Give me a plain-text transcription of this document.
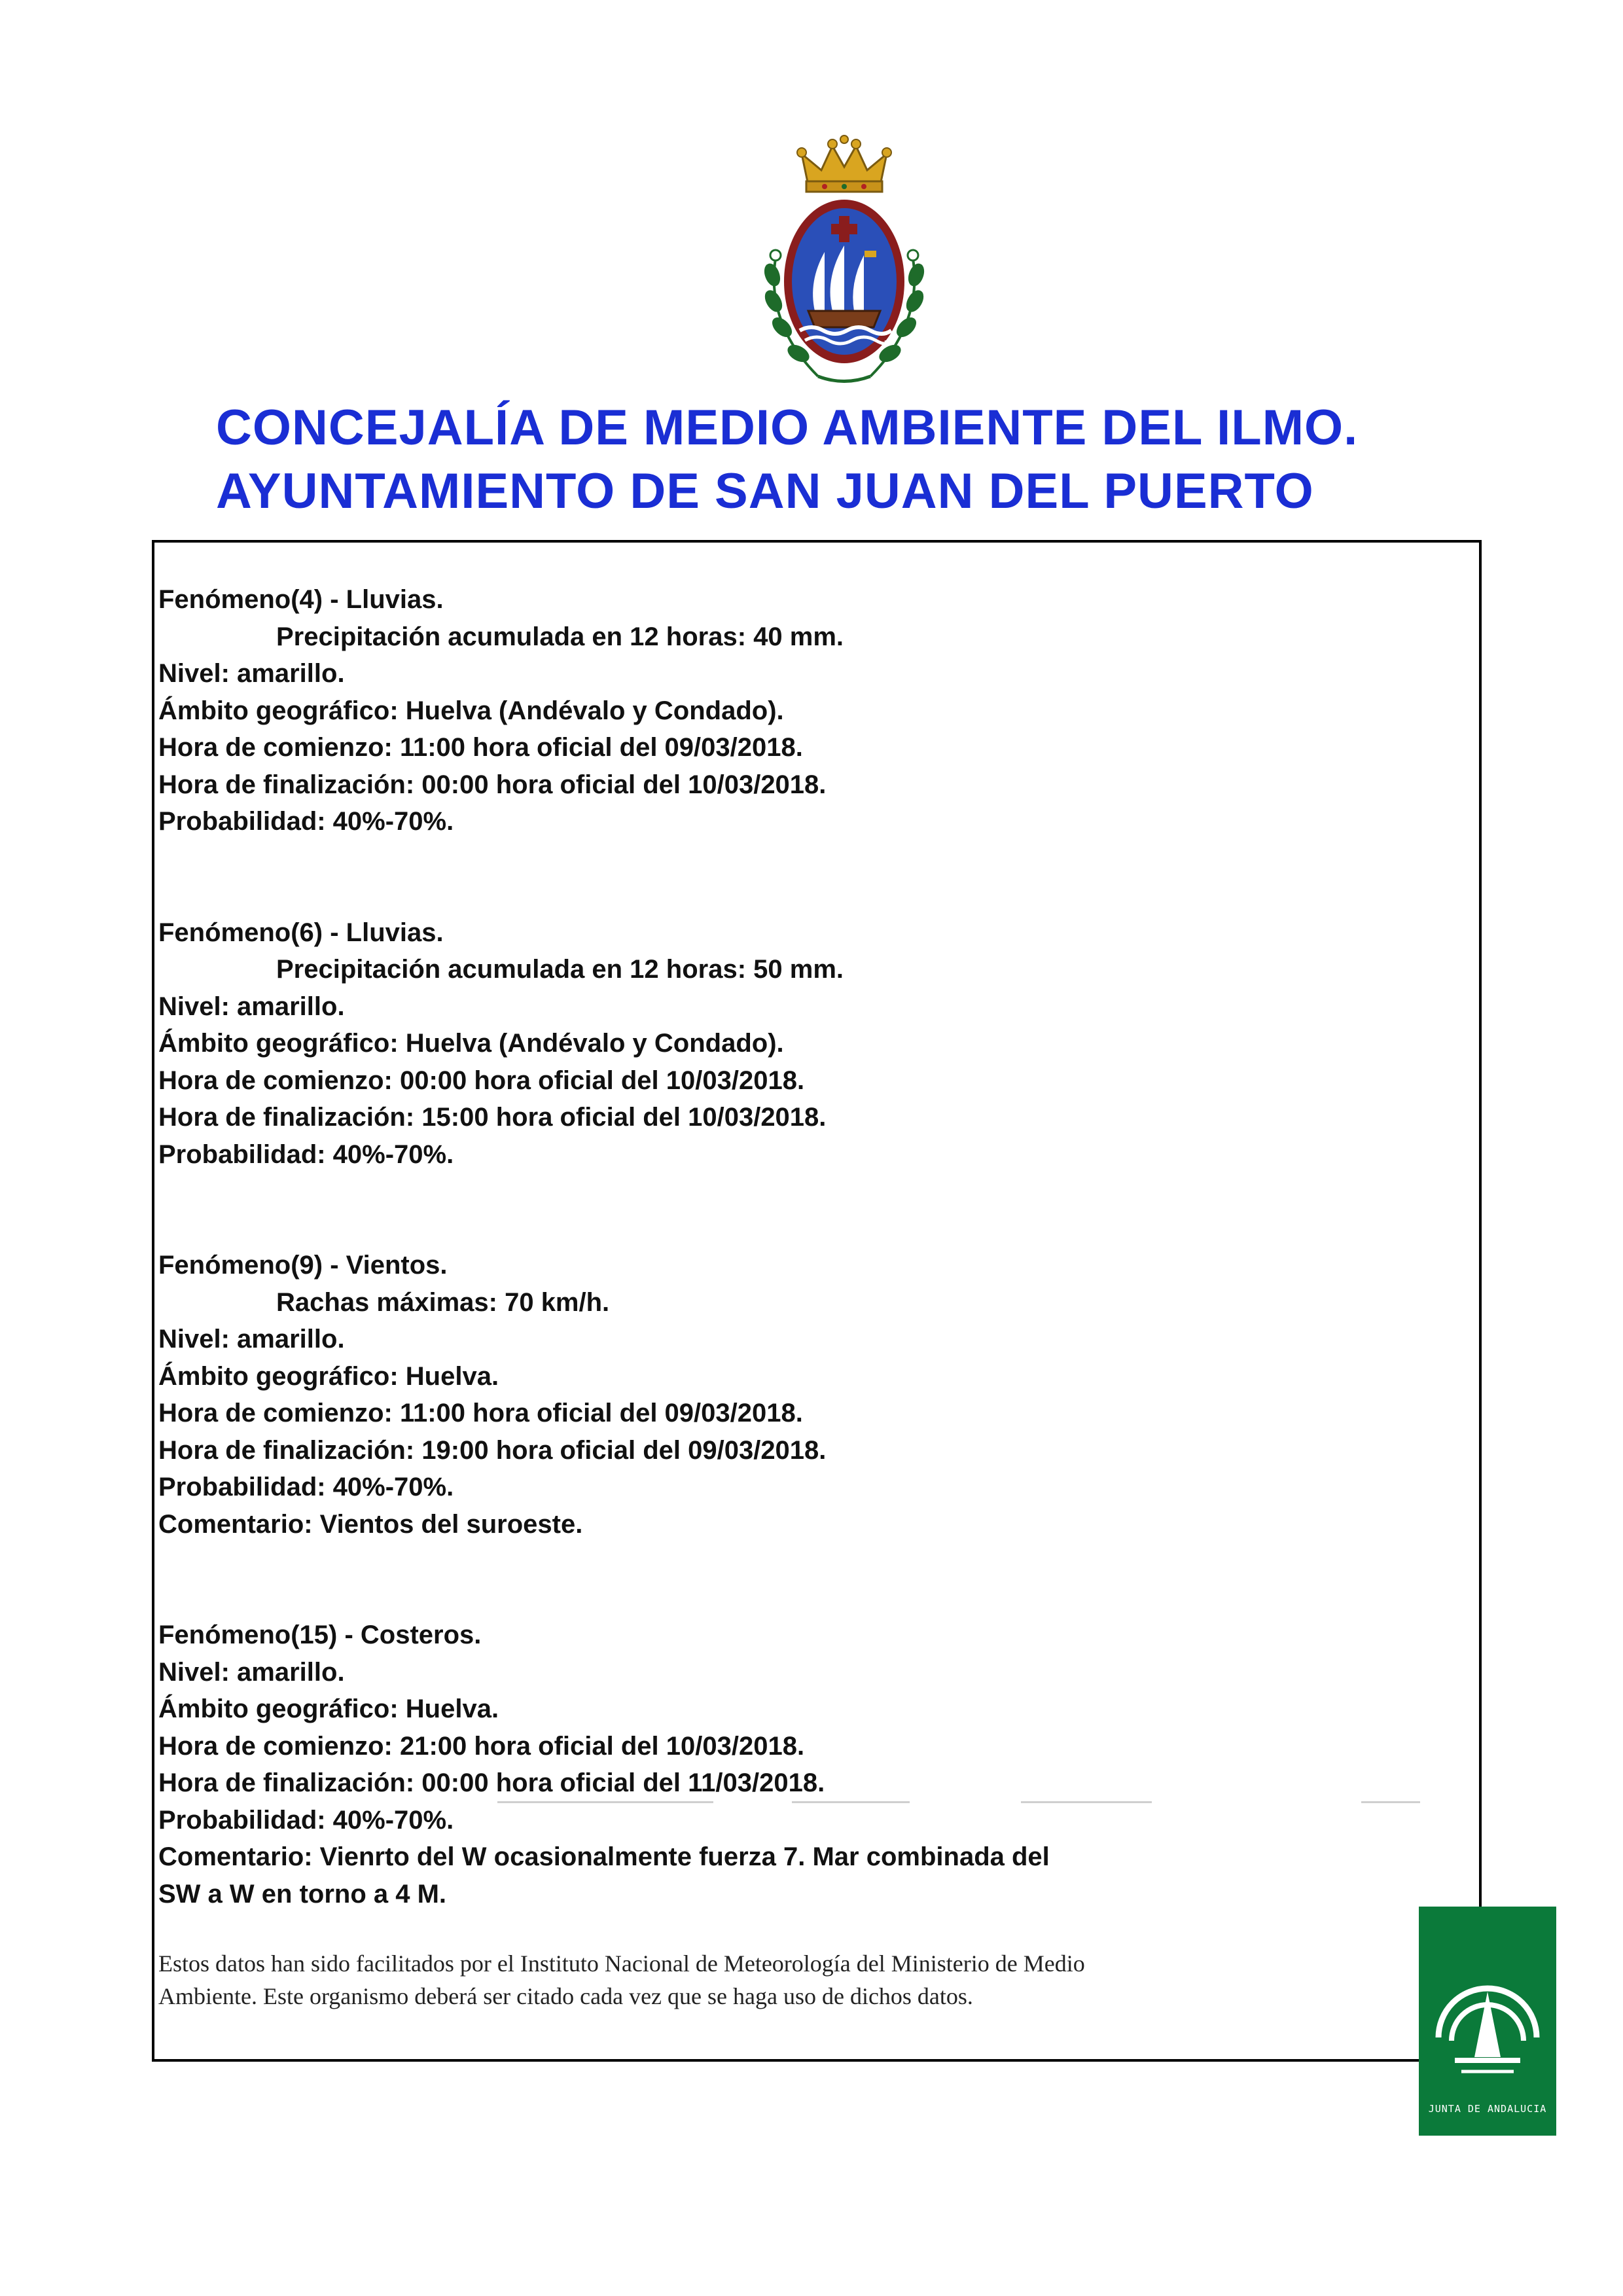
CONCEJALÍA DE MEDIO AMBIENTE DEL ILMO.
AYUNTAMIENTO DE SAN JUAN DEL PUERTO
Fenómeno(4) - Lluvias.
Precipitación acumulada en 12 horas: 40 mm.
Nivel: amarillo.
Ámbito geográfico: Huelva (Andévalo y Condado).
Hora de comienzo: 11:00 hora oficial del 09/03/2018.
Hora de finalización: 00:00 hora oficial del 10/03/2018.
Probabilidad: 40%-70%.
Fenómeno(6) - Lluvias.
Precipitación acumulada en 12 horas: 50 mm.
Nivel: amarillo.
Ámbito geográfico: Huelva (Andévalo y Condado).
Hora de comienzo: 00:00 hora oficial del 10/03/2018.
Hora de finalización: 15:00 hora oficial del 10/03/2018.
Probabilidad: 40%-70%.
Fenómeno(9) - Vientos.
Rachas máximas: 70 km/h.
Nivel: amarillo.
Ámbito geográfico: Huelva.
Hora de comienzo: 11:00 hora oficial del 09/03/2018.
Hora de finalización: 19:00 hora oficial del 09/03/2018.
Probabilidad: 40%-70%.
Comentario: Vientos del suroeste.
Fenómeno(15) - Costeros.
Nivel: amarillo.
Ámbito geográfico: Huelva.
Hora de comienzo: 21:00 hora oficial del 10/03/2018.
Hora de finalización: 00:00 hora oficial del 11/03/2018.
Probabilidad: 40%-70%.
Comentario: Vienrto del W ocasionalmente fuerza 7. Mar combinada del
SW a W en torno a 4 M.
Estos datos han sido facilitados por el Instituto Nacional de Meteorología del Ministerio de Medio
Ambiente. Este organismo deberá ser citado cada vez que se haga uso de dichos datos.
JUNTA DE ANDALUCIA
